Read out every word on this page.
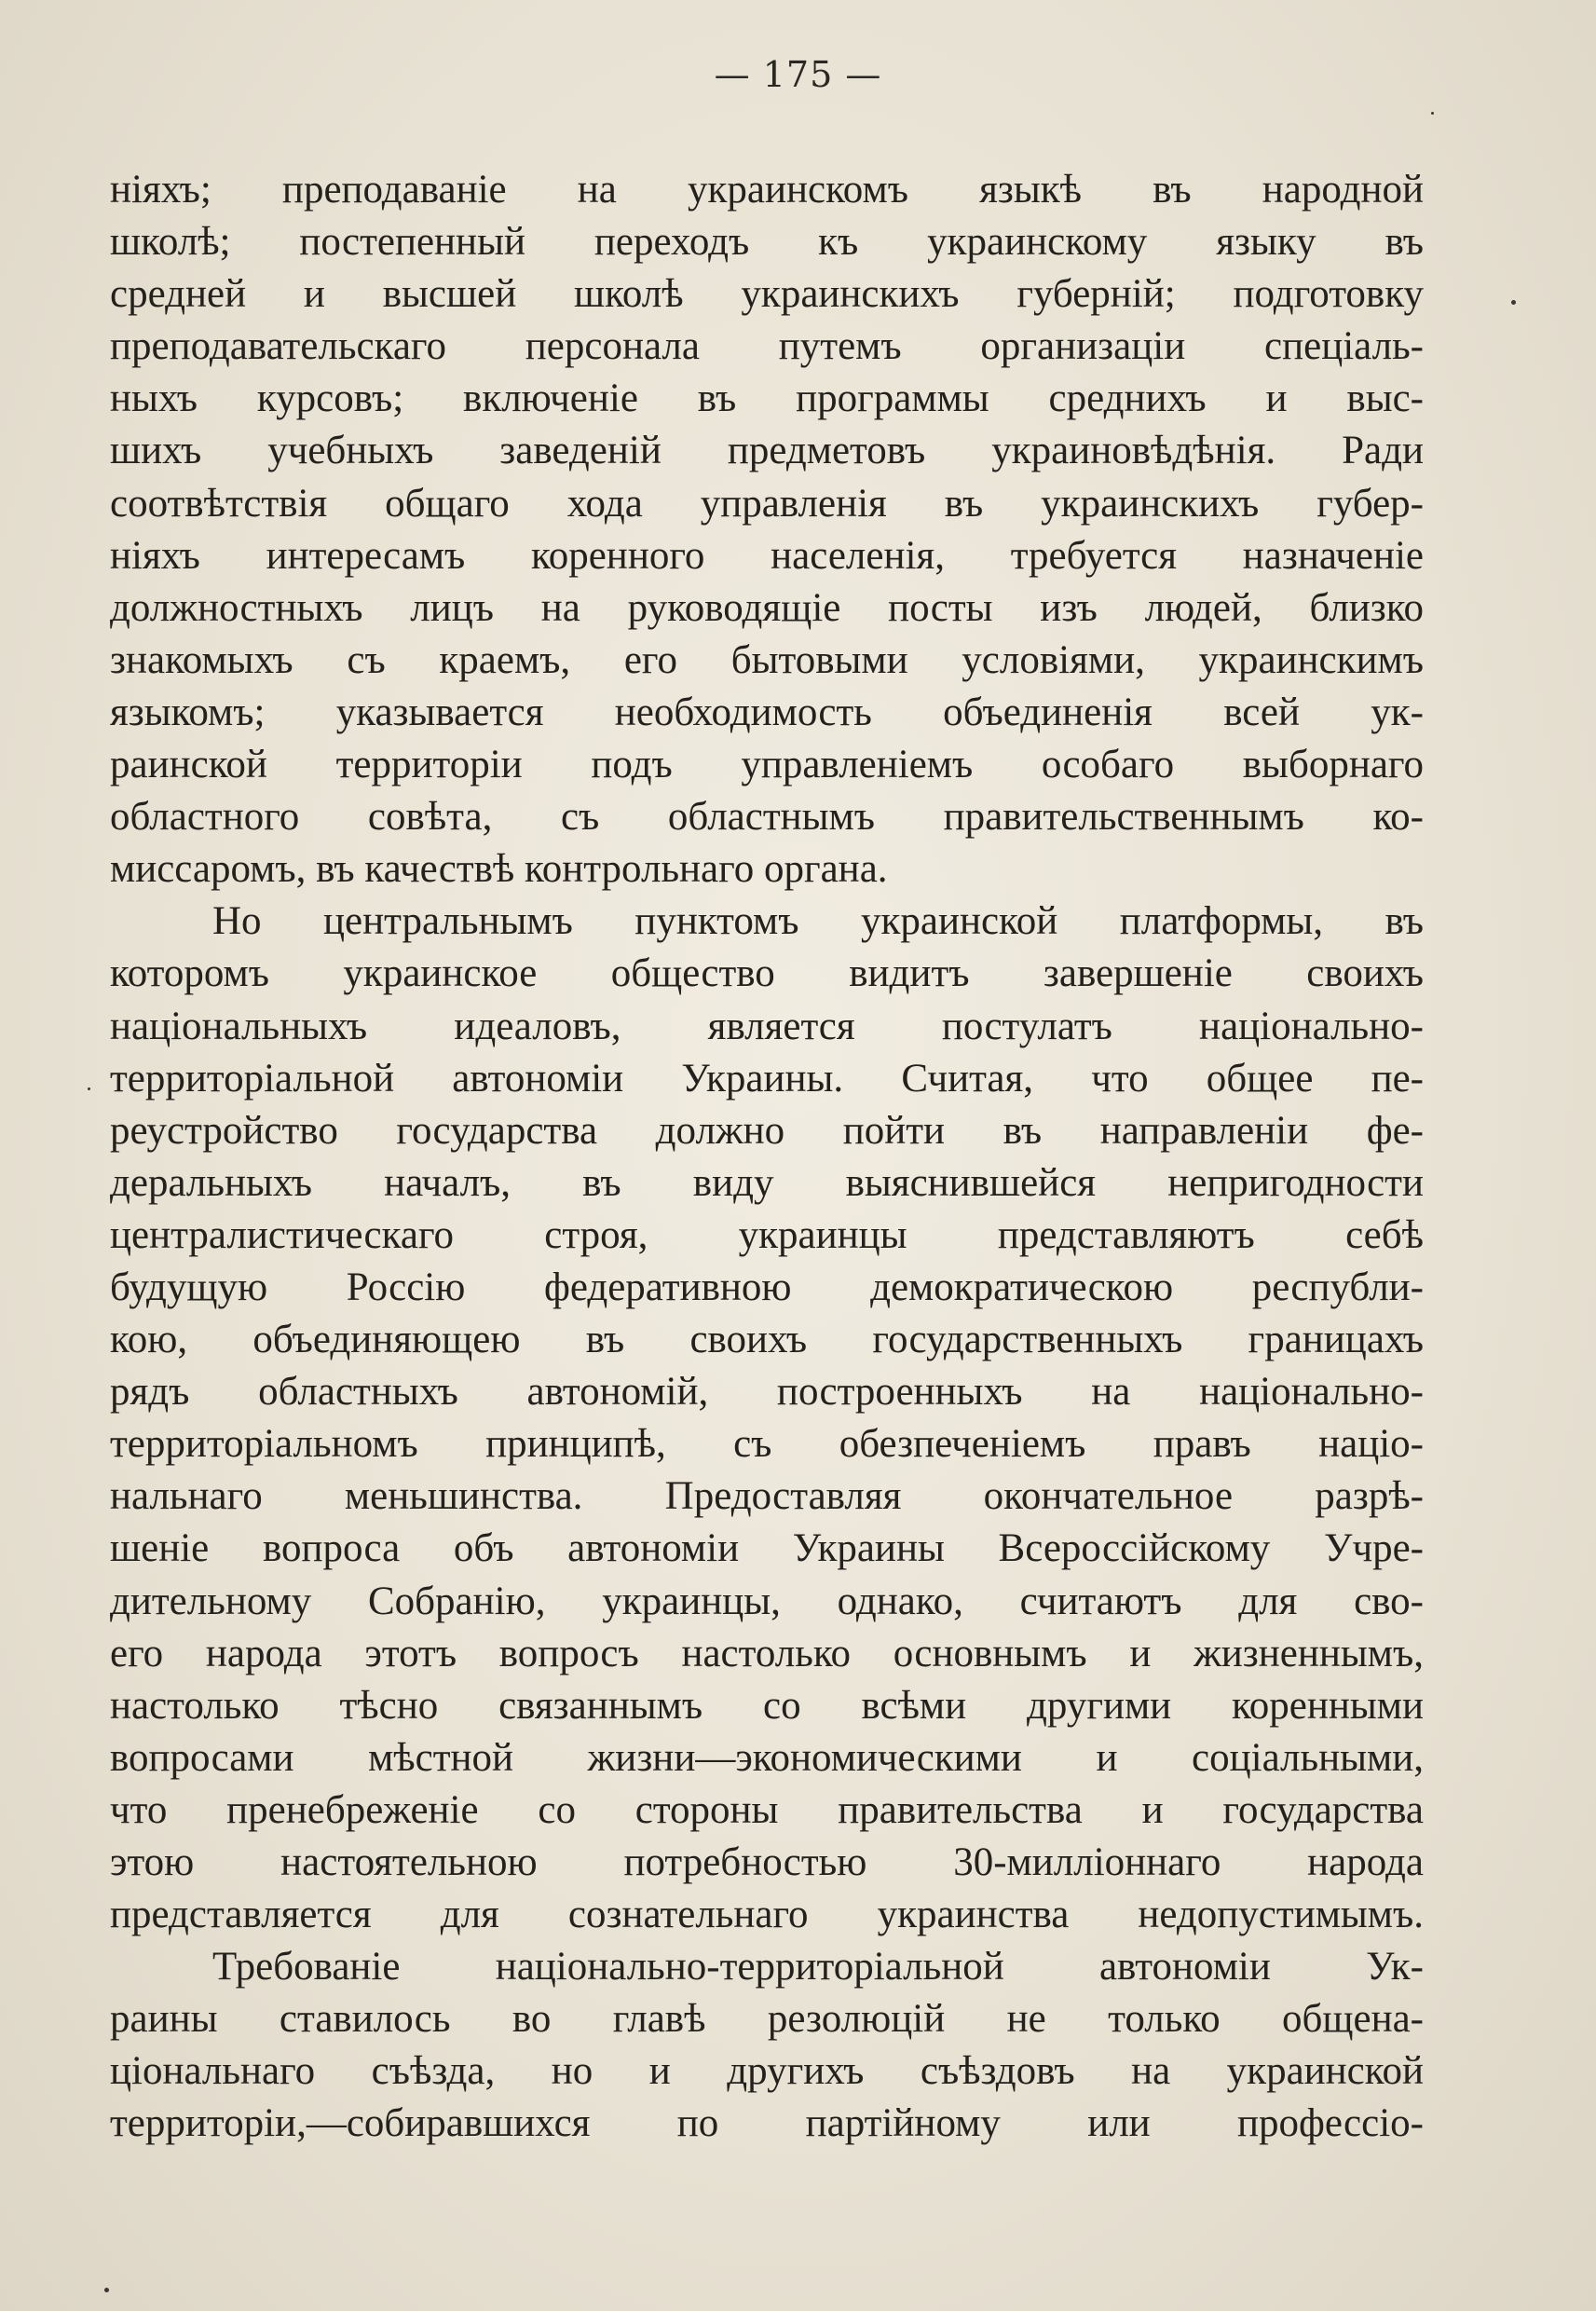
— 175 —
ніяхъ; преподаваніе на украинскомъ языкѣ въ народной
школѣ; постепенный переходъ къ украинскому языку въ
средней и высшей школѣ украинскихъ губерній; подготовку
преподавательскаго персонала путемъ организаціи спеціаль-
ныхъ курсовъ; включеніе въ программы среднихъ и выс-
шихъ учебныхъ заведеній предметовъ украиновѣдѣнія. Ради
соотвѣтствія общаго хода управленія въ украинскихъ губер-
ніяхъ интересамъ коренного населенія, требуется назначеніе
должностныхъ лицъ на руководящіе посты изъ людей, близко
знакомыхъ съ краемъ, его бытовыми условіями, украинскимъ
языкомъ; указывается необходимость объединенія всей ук-
раинской территоріи подъ управленіемъ особаго выборнаго
областного совѣта, съ областнымъ правительственнымъ ко-
миссаромъ, въ качествѣ контрольнаго органа.
Но центральнымъ пунктомъ украинской платформы, въ
которомъ украинское общество видитъ завершеніе своихъ
національныхъ идеаловъ, является постулатъ національно-
территоріальной автономіи Украины. Считая, что общее пе-
реустройство государства должно пойти въ направленіи фе-
деральныхъ началъ, въ виду выяснившейся непригодности
централистическаго строя, украинцы представляютъ себѣ
будущую Россію федеративною демократическою республи-
кою, объединяющею въ своихъ государственныхъ границахъ
рядъ областныхъ автономій, построенныхъ на національно-
территоріальномъ принципѣ, съ обезпеченіемъ правъ націо-
нальнаго меньшинства. Предоставляя окончательное разрѣ-
шеніе вопроса объ автономіи Украины Всероссійскому Учре-
дительному Собранію, украинцы, однако, считаютъ для сво-
его народа этотъ вопросъ настолько основнымъ и жизненнымъ,
настолько тѣсно связаннымъ со всѣми другими коренными
вопросами мѣстной жизни—экономическими и соціальными,
что пренебреженіе со стороны правительства и государства
этою настоятельною потребностью 30-милліоннаго народа
представляется для сознательнаго украинства недопустимымъ.
Требованіе національно-территоріальной автономіи Ук-
раины ставилось во главѣ резолюцій не только общена-
ціональнаго съѣзда, но и другихъ съѣздовъ на украинской
территоріи,—собиравшихся по партійному или профессіо-
